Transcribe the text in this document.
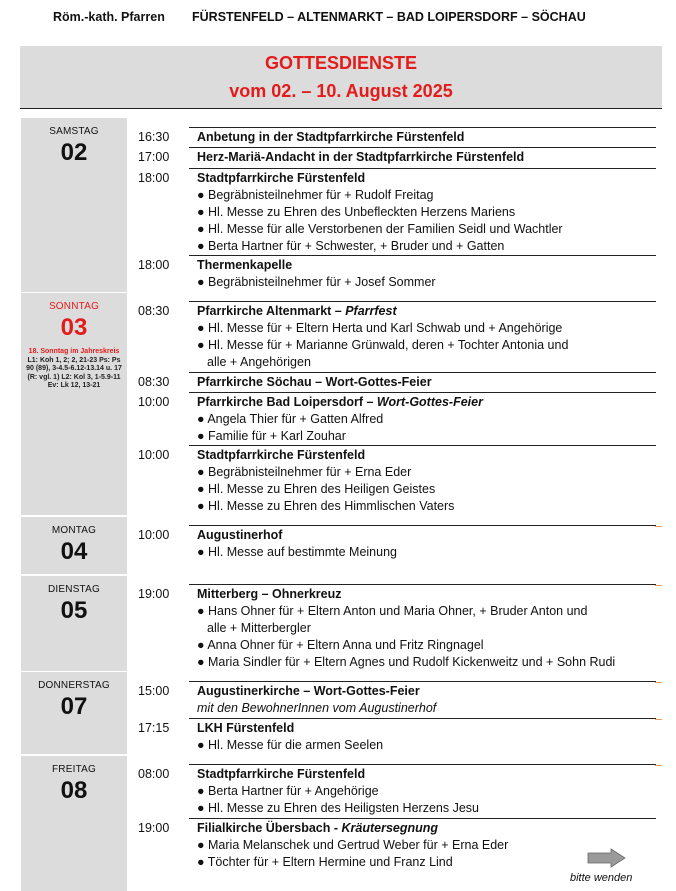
Röm.-kath. Pfarren FÜRSTENFELD – ALTENMARKT – BAD LOIPERSDORF – SÖCHAU
GOTTESDIENSTE
vom 02. – 10. August 2025
SAMSTAG
02
SONNTAG
03
18. Sonntag im Jahreskreis
L1: Koh 1, 2; 2, 21-23 Ps: Ps
90 (89), 3-4.5-6.12-13.14 u. 17
(R: vgl. 1) L2: Kol 3, 1-5.9-11
Ev: Lk 12, 13-21
MONTAG
04
DIENSTAG
05
DONNERSTAG
07
FREITAG
08
16:30 Anbetung in der Stadtpfarrkirche Fürstenfeld
17:00 Herz-Mariä-Andacht in der Stadtpfarrkirche Fürstenfeld
18:00 Stadtpfarrkirche Fürstenfeld
● Begräbnisteilnehmer für + Rudolf Freitag
● Hl. Messe zu Ehren des Unbefleckten Herzens Mariens
● Hl. Messe für alle Verstorbenen der Familien Seidl und Wachtler
● Berta Hartner für + Schwester, + Bruder und + Gatten
18:00 Thermenkapelle
● Begräbnisteilnehmer für + Josef Sommer
08:30 Pfarrkirche Altenmarkt – Pfarrfest
● Hl. Messe für + Eltern Herta und Karl Schwab und + Angehörige
● Hl. Messe für + Marianne Grünwald, deren + Tochter Antonia und
alle + Angehörigen
08:30 Pfarrkirche Söchau – Wort-Gottes-Feier
10:00 Pfarrkirche Bad Loipersdorf – Wort-Gottes-Feier
● Angela Thier für + Gatten Alfred
● Familie für + Karl Zouhar
10:00 Stadtpfarrkirche Fürstenfeld
● Begräbnisteilnehmer für + Erna Eder
● Hl. Messe zu Ehren des Heiligen Geistes
● Hl. Messe zu Ehren des Himmlischen Vaters
10:00 Augustinerhof
● Hl. Messe auf bestimmte Meinung
19:00 Mitterberg – Ohnerkreuz
● Hans Ohner für + Eltern Anton und Maria Ohner, + Bruder Anton und
alle + Mitterbergler
● Anna Ohner für + Eltern Anna und Fritz Ringnagel
● Maria Sindler für + Eltern Agnes und Rudolf Kickenweitz und + Sohn Rudi
15:00 Augustinerkirche – Wort-Gottes-Feier
mit den BewohnerInnen vom Augustinerhof
17:15 LKH Fürstenfeld
● Hl. Messe für die armen Seelen
08:00 Stadtpfarrkirche Fürstenfeld
● Berta Hartner für + Angehörige
● Hl. Messe zu Ehren des Heiligsten Herzens Jesu
19:00 Filialkirche Übersbach - Kräutersegnung
● Maria Melanschek und Gertrud Weber für + Erna Eder
● Töchter für + Eltern Hermine und Franz Lind
bitte wenden
